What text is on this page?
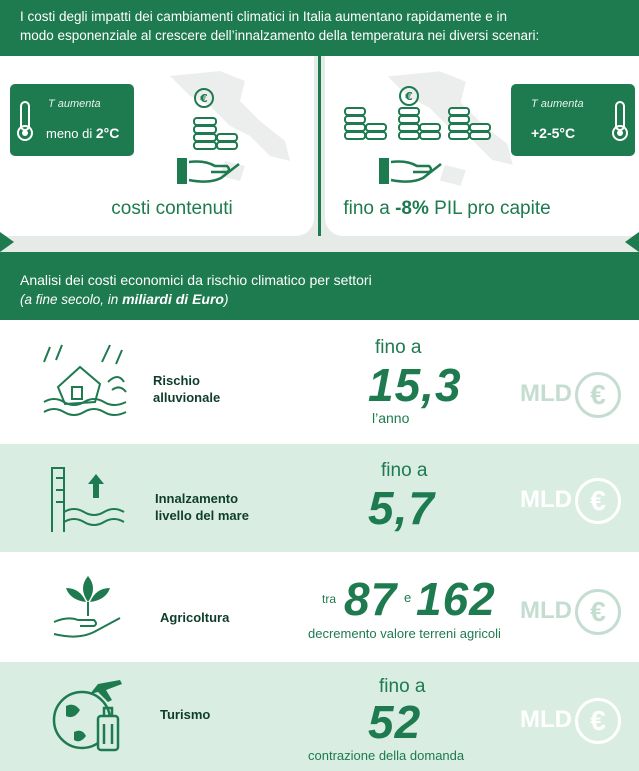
I costi degli impatti dei cambiamenti climatici in Italia aumentano rapidamente e in
modo esponenziale al crescere dell’innalzamento della temperatura nei diversi scenari:
€
T aumenta
meno di 2°C
costi contenuti
€
T aumenta
+2-5°C
fino a -8% PIL pro capite
Analisi dei costi economici da rischio climatico per settori
(a fine secolo, in miliardi di Euro)
Rischio
alluvionale
fino a
15,3
l’anno
MLD €
Innalzamento
livello del mare
fino a
5,7	MLD €
Agricoltura
tra 87 e 162
decremento valore terreni agricoli
MLD €
Turismo
fino a
52
contrazione della domanda
MLD €
